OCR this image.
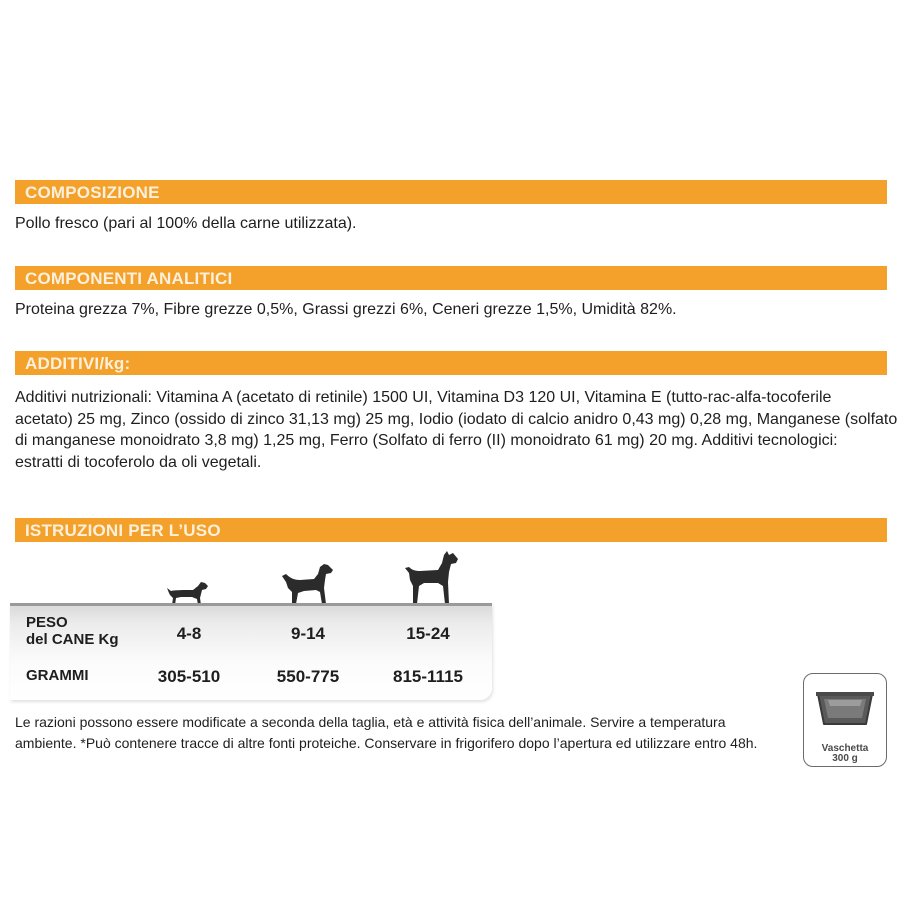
COMPOSIZIONE

Pollo fresco (pari al 100% della carne utilizzata).

COMPONENTI ANALITICI

Proteina grezza 7%, Fibre grezze 0,5%, Grassi grezzi 6%, Ceneri grezze 1,5%, Umidità 82%.

ADDITIVI/kg:
Additivi nutrizionali: Vitamina A (acetato di retinile) 1500 UI, Vitamina D3 120 UI, Vitamina E (tutto-rac-alfa-tocoferile
acetato) 25 mg, Zinco (ossido di zinco 31,13 mg) 25 mg, Iodio (iodato di calcio anidro 0,43 mg) 0,28 mg, Manganese (solfato
di manganese monoidrato 3,8 mg) 1,25 mg, Ferro (Solfato di ferro (II) monoidrato 61 mg) 20 mg. Additivi tecnologici:
estratti di tocoferolo da oli vegetali.
ISTRUZIONI PER L’USO
PESO
del CANE Kg	4-8	9-14	15-24
GRAMMI	305-510	550-775	815-1115
Le razioni possono essere modificate a seconda della taglia, età e attività fisica dell’animale. Servire a temperatura
ambiente. *Può contenere tracce di altre fonti proteiche. Conservare in frigorifero dopo l’apertura ed utilizzare entro 48h.	Vaschetta
300 g
